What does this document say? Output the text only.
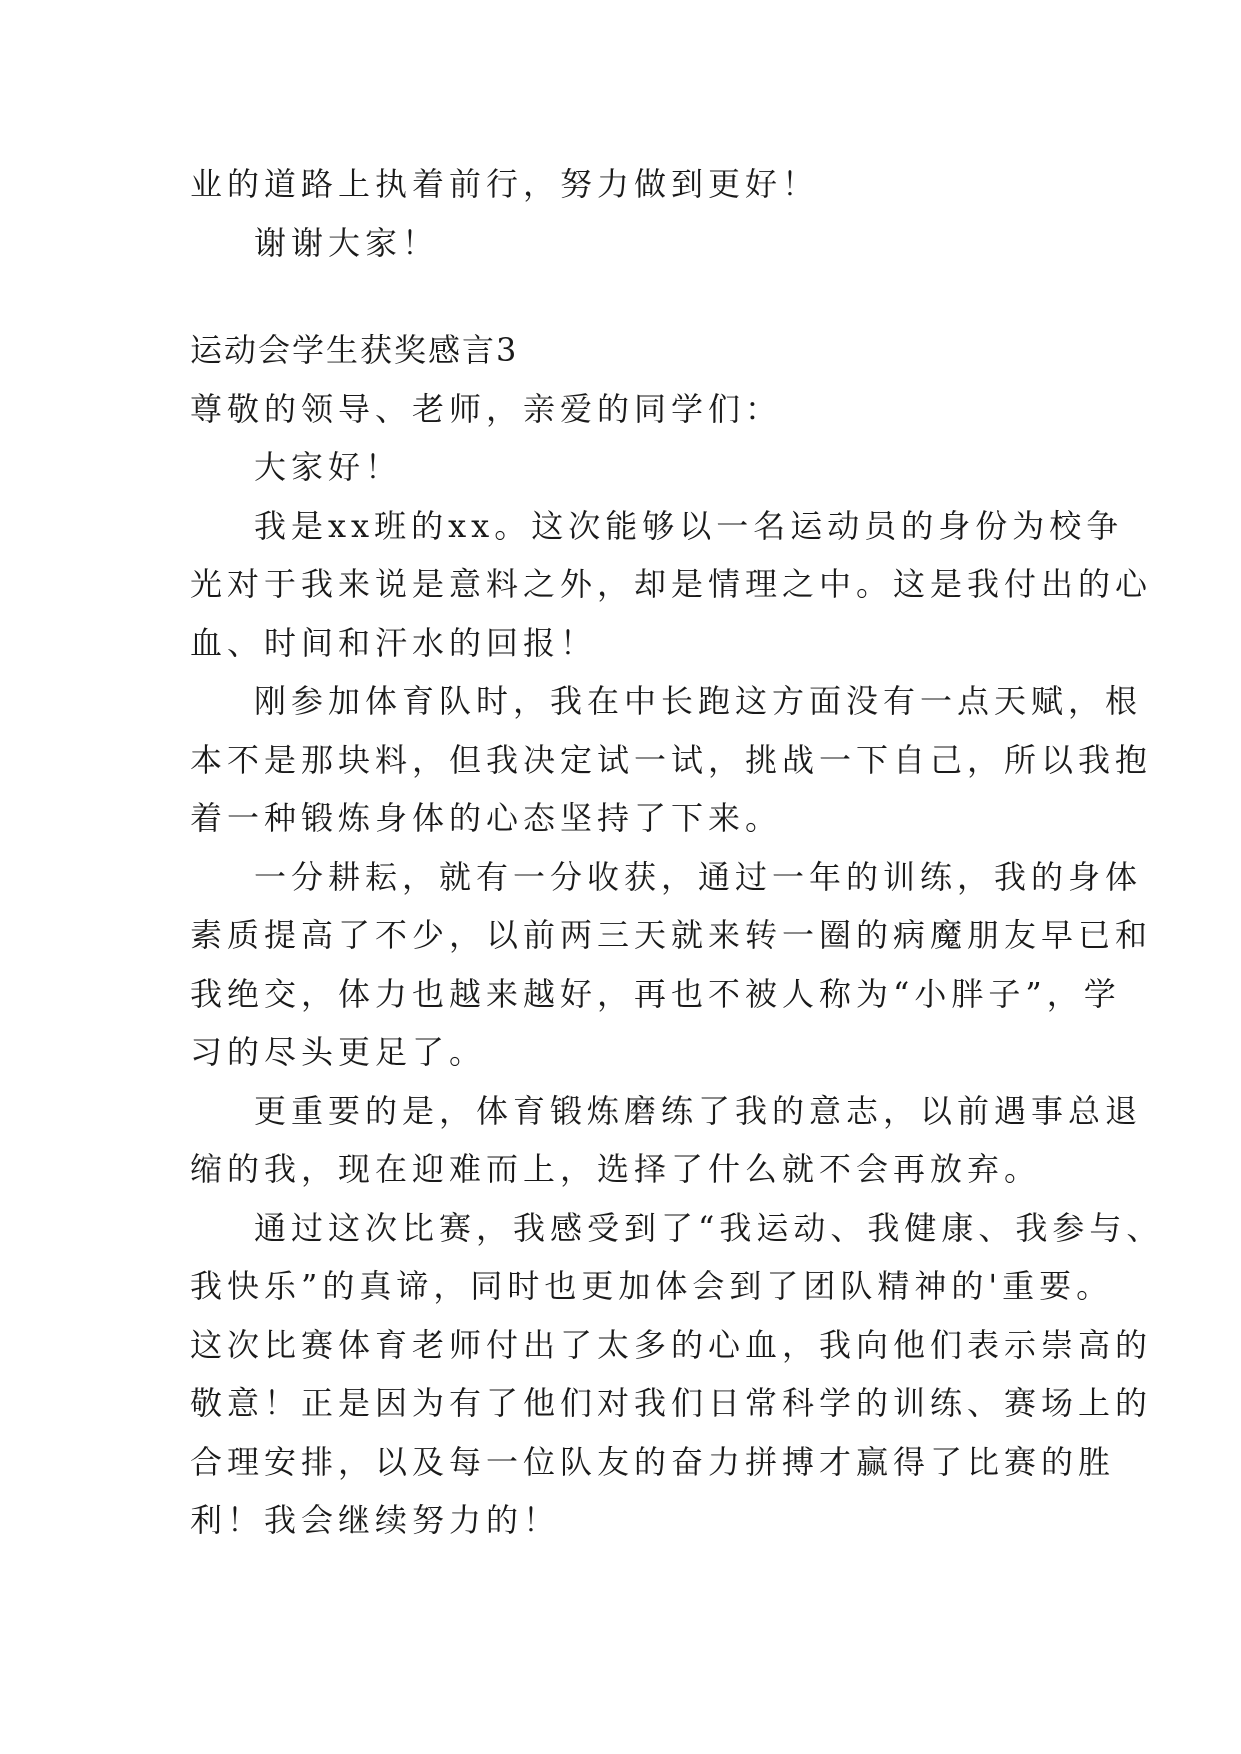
业的道路上执着前行，努力做到更好！
谢谢大家！
运动会学生获奖感言3
尊敬的领导、老师，亲爱的同学们：
大家好！
我是xx班的xx。这次能够以一名运动员的身份为校争
光对于我来说是意料之外，却是情理之中。这是我付出的心
血、时间和汗水的回报！
刚参加体育队时，我在中长跑这方面没有一点天赋，根
本不是那块料，但我决定试一试，挑战一下自己，所以我抱
着一种锻炼身体的心态坚持了下来。
一分耕耘，就有一分收获，通过一年的训练，我的身体
素质提高了不少，以前两三天就来转一圈的病魔朋友早已和
我绝交，体力也越来越好，再也不被人称为“小胖子”，学
习的尽头更足了。
更重要的是，体育锻炼磨练了我的意志，以前遇事总退
缩的我，现在迎难而上，选择了什么就不会再放弃。
通过这次比赛，我感受到了“我运动、我健康、我参与、
我快乐”的真谛，同时也更加体会到了团队精神的'重要。
这次比赛体育老师付出了太多的心血，我向他们表示崇高的
敬意！正是因为有了他们对我们日常科学的训练、赛场上的
合理安排，以及每一位队友的奋力拼搏才赢得了比赛的胜
利！我会继续努力的！
